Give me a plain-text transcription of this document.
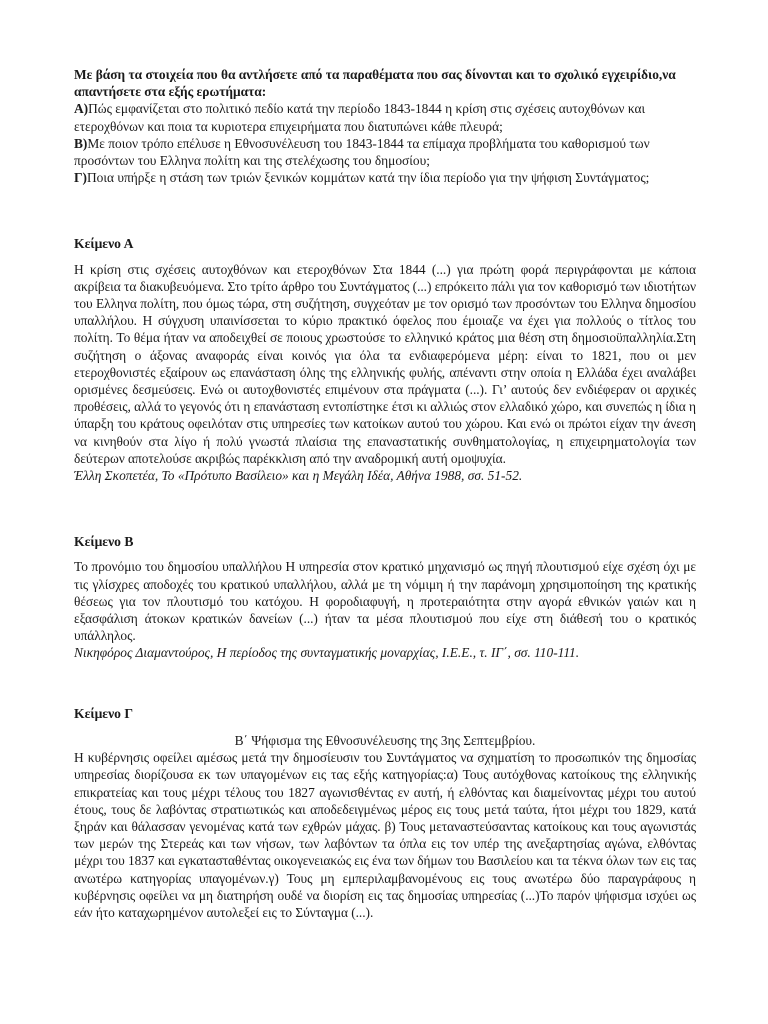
Με βάση τα στοιχεία που θα αντλήσετε από τα παραθέματα που σας δίνονται και το σχολικό εγχειρίδιο,να απαντήσετε στα εξής ερωτήματα:

Α)Πώς εμφανίζεται στο πολιτικό πεδίο κατά την περίοδο 1843-1844 η κρίση στις σχέσεις αυτοχθόνων και ετεροχθόνων και ποια τα κυριοτερα επιχειρήματα που διατυπώνει κάθε πλευρά;

Β)Με ποιον τρόπο επέλυσε η Εθνοσυνέλευση του 1843-1844 τα επίμαχα προβλήματα του καθορισμού των προσόντων του Ελληνα πολίτη και της στελέχωσης του δημοσίου;

Γ)Ποια υπήρξε η στάση των τριών ξενικών κομμάτων κατά την ίδια περίοδο για την ψήφιση Συντάγματος;

Κείμενο Α

Η κρίση στις σχέσεις αυτοχθόνων και ετεροχθόνων Στα 1844 (...) για πρώτη φορά περιγράφονται με κάποια ακρίβεια τα διακυβευόμενα. Στο τρίτο άρθρο του Συντάγματος (...) επρόκειτο πάλι για τον καθορισμό των ιδιοτήτων του Ελληνα πολίτη, που όμως τώρα, στη συζήτηση, συγχεόταν με τον ορισμό των προσόντων του Ελληνα δημοσίου υπαλλήλου. Η σύγχυση υπαινίσσεται το κύριο πρακτικό όφελος που έμοιαζε να έχει για πολλούς ο τίτλος του πολίτη. Το θέμα ήταν να αποδειχθεί σε ποιους χρωστούσε το ελληνικό κράτος μια θέση στη δημοσιοϋπαλληλία.Στη συζήτηση ο άξονας αναφοράς είναι κοινός για όλα τα ενδιαφερόμενα μέρη: είναι το 1821, που οι μεν ετεροχθονιστές εξαίρουν ως επανάσταση όλης της ελληνικής φυλής, απέναντι στην οποία η Ελλάδα έχει αναλάβει ορισμένες δεσμεύσεις. Ενώ οι αυτοχθονιστές επιμένουν στα πράγματα (...). Γι’ αυτούς δεν ενδιέφεραν οι αρχικές προθέσεις, αλλά το γεγονός ότι η επανάσταση εντοπίστηκε έτσι κι αλλιώς στον ελλαδικό χώρο, και συνεπώς η ίδια η ύπαρξη του κράτους οφειλόταν στις υπηρεσίες των κατοίκων αυτού του χώρου. Και ενώ οι πρώτοι είχαν την άνεση να κινηθούν στα λίγο ή πολύ γνωστά πλαίσια της επαναστατικής συνθηματολογίας, η επιχειρηματολογία των δεύτερων αποτελούσε ακριβώς παρέκκλιση από την αναδρομική αυτή ομοψυχία.

Έλλη Σκοπετέα, Το «Πρότυπο Βασίλειο» και η Μεγάλη Ιδέα, Αθήνα 1988, σσ. 51-52.

Κείμενο Β

Το προνόμιο του δημοσίου υπαλλήλου Η υπηρεσία στον κρατικό μηχανισμό ως πηγή πλουτισμού είχε σχέση όχι με τις γλίσχρες αποδοχές του κρατικού υπαλλήλου, αλλά με τη νόμιμη ή την παράνομη χρησιμοποίηση της κρατικής θέσεως για τον πλουτισμό του κατόχου. Η φοροδιαφυγή, η προτεραιότητα στην αγορά εθνικών γαιών και η εξασφάλιση άτοκων κρατικών δανείων (...) ήταν τα μέσα πλουτισμού που είχε στη διάθεσή του ο κρατικός υπάλληλος.

Νικηφόρος Διαμαντούρος, Η περίοδος της συνταγματικής μοναρχίας, Ι.Ε.Ε., τ. ΙΓ΄, σσ. 110-111.

Κείμενο Γ

Β΄ Ψήφισμα της Εθνοσυνέλευσης της 3ης Σεπτεμβρίου.

Η κυβέρνησις οφείλει αμέσως μετά την δημοσίευσιν του Συντάγματος να σχηματίση το προσωπικόν της δημοσίας υπηρεσίας διορίζουσα εκ των υπαγομένων εις τας εξής κατηγορίας:α) Τους αυτόχθονας κατοίκους της ελληνικής επικρατείας και τους μέχρι τέλους του 1827 αγωνισθέντας εν αυτή, ή ελθόντας και διαμείνοντας μέχρι του αυτού έτους, τους δε λαβόντας στρατιωτικώς και αποδεδειγμένως μέρος εις τους μετά ταύτα, ήτοι μέχρι του 1829, κατά ξηράν και θάλασσαν γενομένας κατά των εχθρών μάχας. β) Τους μεταναστεύσαντας κατοίκους και τους αγωνιστάς των μερών της Στερεάς και των νήσων, των λαβόντων τα όπλα εις τον υπέρ της ανεξαρτησίας αγώνα, ελθόντας μέχρι του 1837 και εγκατασταθέντας οικογενειακώς εις ένα των δήμων του Βασιλείου και τα τέκνα όλων των εις τας ανωτέρω κατηγορίας υπαγομένων.γ) Τους μη εμπεριλαμβανομένους εις τους ανωτέρω δύο παραγράφους η κυβέρνησις οφείλει να μη διατηρήση ουδέ να διορίση εις τας δημοσίας υπηρεσίας (...)Το παρόν ψήφισμα ισχύει ως εάν ήτο καταχωρημένον αυτολεξεί εις το Σύνταγμα (...).
